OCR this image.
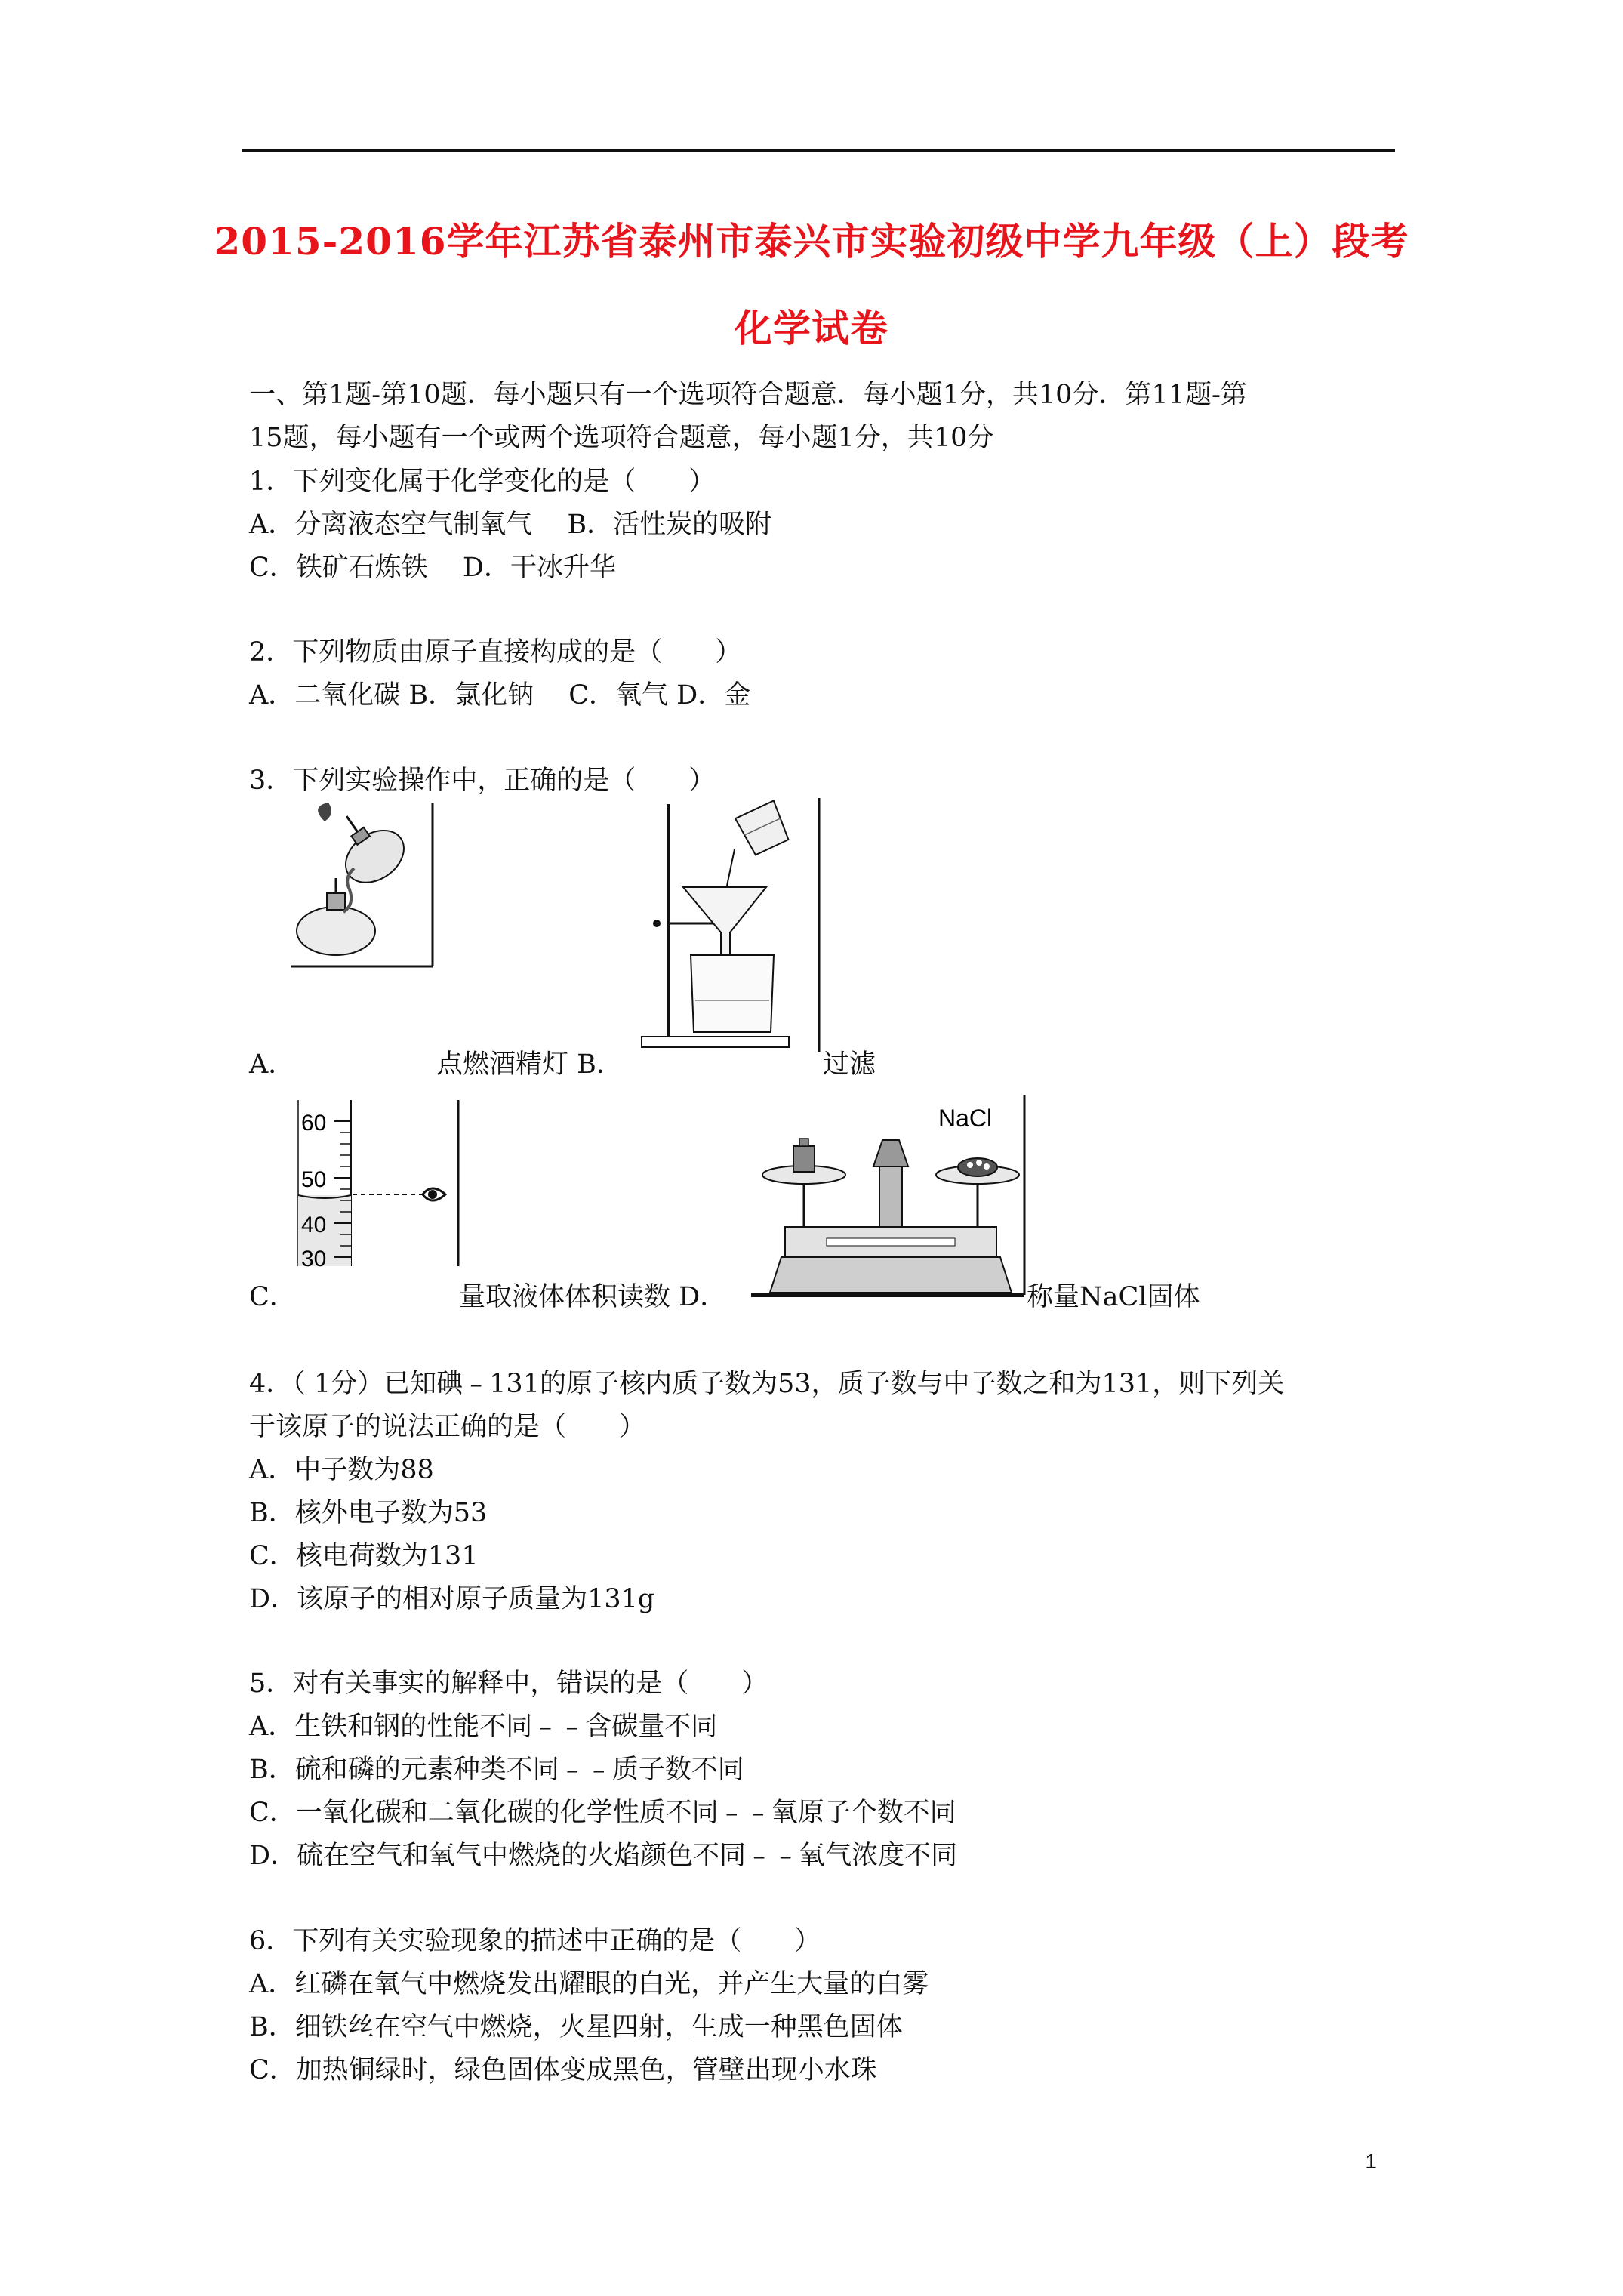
2015-2016学年江苏省泰州市泰兴市实验初级中学九年级（上）段考
化学试卷
一、第1题-第10题．每小题只有一个选项符合题意．每小题1分，共10分．第11题-第
15题，每小题有一个或两个选项符合题意，每小题1分，共10分
1．下列变化属于化学变化的是（　　）
A．分离液态空气制氧气　 B．活性炭的吸附
C．铁矿石炼铁　 D．干冰升华
2．下列物质由原子直接构成的是（　　）
A．二氧化碳 B．氯化钠　 C．氧气 D．金
3．下列实验操作中，正确的是（　　）
A．	点燃酒精灯 B．	过滤
60
50
40
30
NaCl
C．	量取液体体积读数 D．	称量NaCl固体
4．（ 1分）已知碘﹣131的原子核内质子数为53，质子数与中子数之和为131，则下列关
于该原子的说法正确的是（　　）
A．中子数为88
B．核外电子数为53
C．核电荷数为131
D．该原子的相对原子质量为131g
5．对有关事实的解释中，错误的是（　　）
A．生铁和钢的性能不同﹣﹣含碳量不同
B．硫和磷的元素种类不同﹣﹣质子数不同
C．一氧化碳和二氧化碳的化学性质不同﹣﹣氧原子个数不同
D．硫在空气和氧气中燃烧的火焰颜色不同﹣﹣氧气浓度不同
6．下列有关实验现象的描述中正确的是（　　）
A．红磷在氧气中燃烧发出耀眼的白光，并产生大量的白雾
B．细铁丝在空气中燃烧，火星四射，生成一种黑色固体
C．加热铜绿时，绿色固体变成黑色，管壁出现小水珠
1
